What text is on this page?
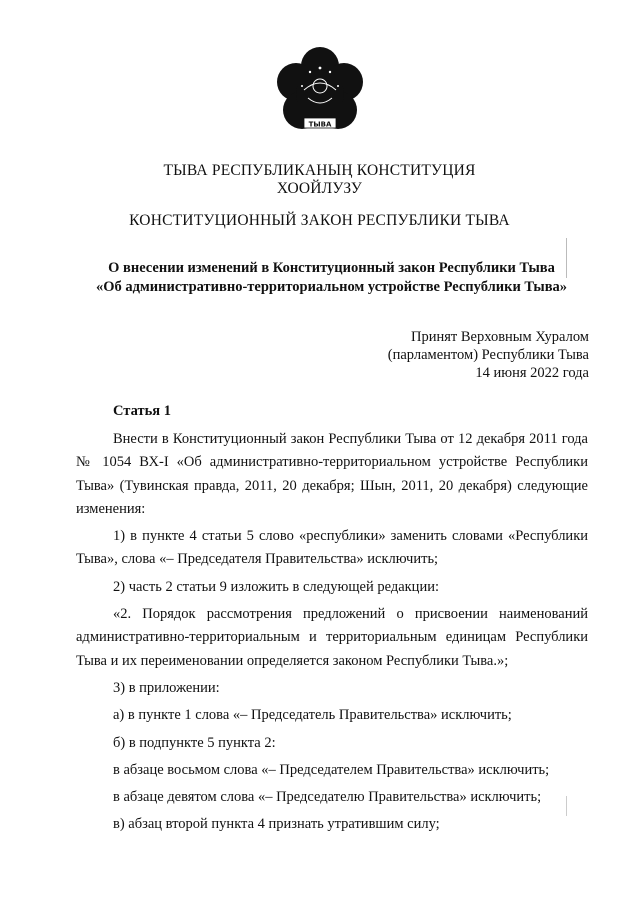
ТЫВА
ТЫВА РЕСПУБЛИКАНЫҢ КОНСТИТУЦИЯ
ХООЙЛУЗУ
КОНСТИТУЦИОННЫЙ ЗАКОН РЕСПУБЛИКИ ТЫВА
О внесении изменений в Конституционный закон Республики Тыва
«Об административно-территориальном устройстве Республики Тыва»
Принят Верховным Хуралом
(парламентом) Республики Тыва
14 июня 2022 года
Статья 1

Внести в Конституционный закон Республики Тыва от 12 декабря 2011 года № 1054 ВХ-I «Об административно-территориальном устройстве Республики Тыва» (Тувинская правда, 2011, 20 декабря; Шын, 2011, 20 декабря) следующие изменения:

1) в пункте 4 статьи 5 слово «республики» заменить словами «Республики Тыва», слова «– Председателя Правительства» исключить;

2) часть 2 статьи 9 изложить в следующей редакции:

«2. Порядок рассмотрения предложений о присвоении наименований административно-территориальным и территориальным единицам Республики Тыва и их переименовании определяется законом Республики Тыва.»;

3) в приложении:

а) в пункте 1 слова «– Председатель Правительства» исключить;

б) в подпункте 5 пункта 2:

в абзаце восьмом слова «– Председателем Правительства» исключить;

в абзаце девятом слова «– Председателю Правительства» исключить;

в) абзац второй пункта 4 признать утратившим силу;
